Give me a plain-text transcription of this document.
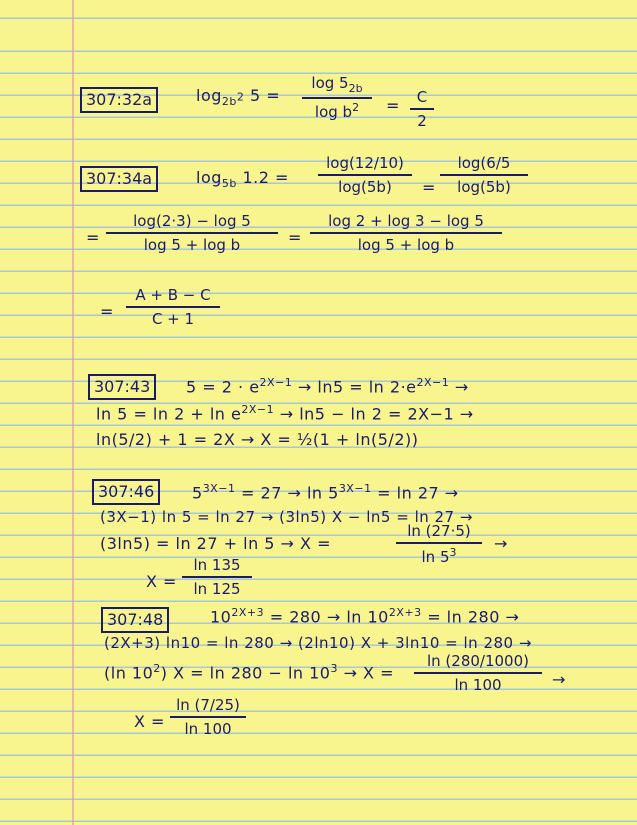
307:32a	$\log_{2b^2} 5$ =
$\log 5_{2b}$
$\log b^2$	=	C
2
307:34a	$\log_{5b} 1.2$ =
log(12/10)
log(5b)	=
log(6/5
log(5b)
=
log(2·3) − log 5
log 5 + log b	=
log 2 + log 3 − log 5
log 5 + log b
=
A + B − C
C + 1
307:43	$5 = 2 \cdot e^{2X-1} \to \ln 5 = \ln 2\cdot e^{2X-1}$ →
$\ln 5 = \ln 2 + \ln e^{2X-1} \to \ln 5 - \ln 2 = 2X-1$ →
ln(5/2) + 1 = 2X → X = ½(1 + ln(5/2))
307:46	$5^{3X-1} = 27 \to \ln 5^{3X-1} = \ln 27$ →
(3X−1) ln 5 = ln 27 → (3ln5) X − ln5 = ln 27 →
(3ln5) = ln 27 + ln 5 → X =
ln (27·5)
$\ln 5^3$	→
X =
ln 135
ln 125
307:48	$10^{2X+3} = 280 \to \ln 10^{2X+3} = \ln 280$ →
(2X+3) ln10 = ln 280 → (2ln10) X + 3ln10 = ln 280 →
(ln $10^2$) $X = \ln 280 - \ln 10^3 \to X$ =
ln (280/1000)
ln 100	→
X =
ln (7/25)
ln 100
